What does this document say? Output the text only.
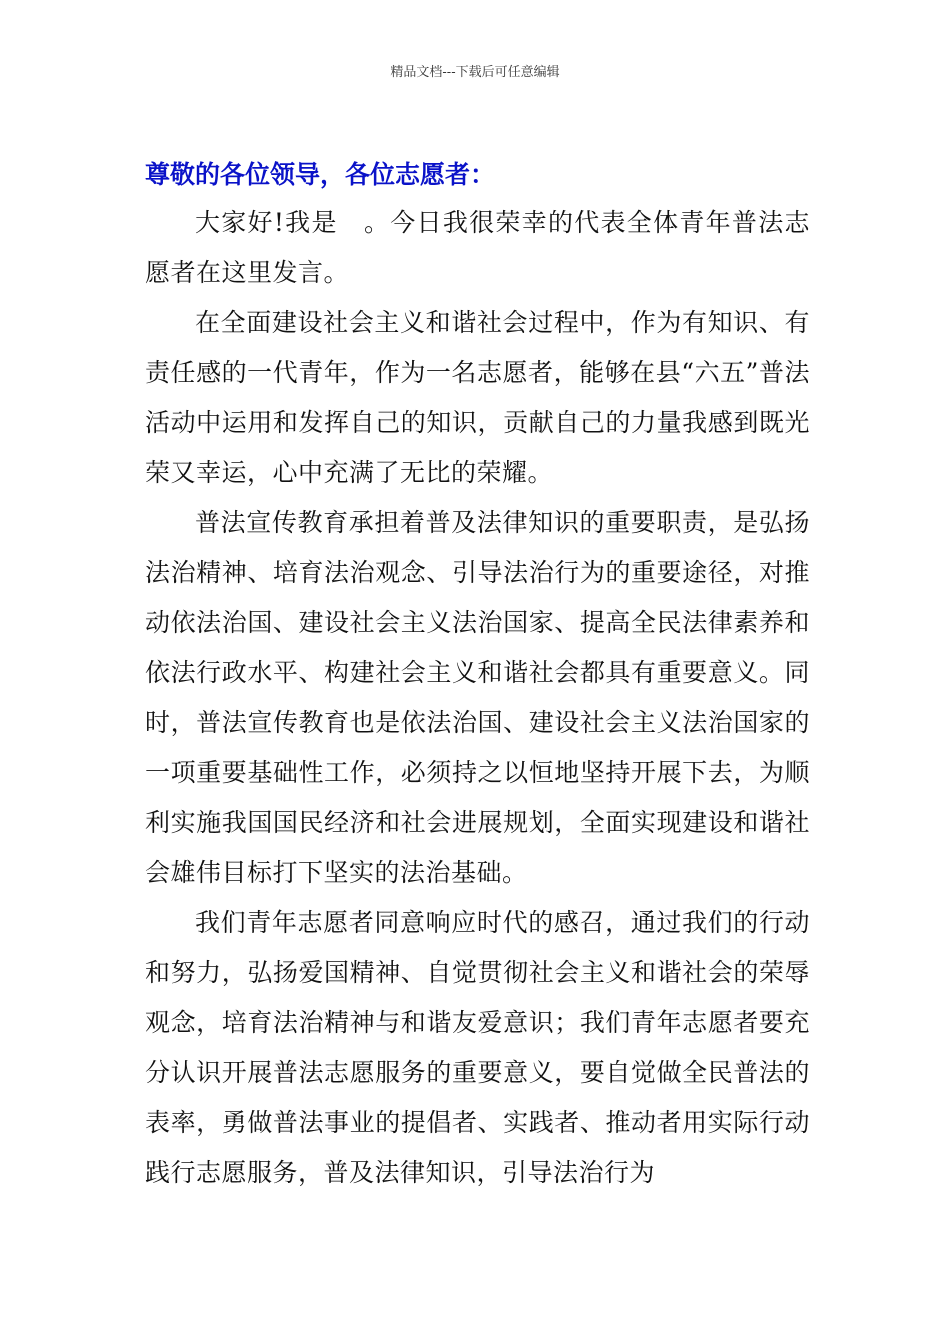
精品文档---下载后可任意编辑

尊敬的各位领导，各位志愿者：

大家好!我是　。今日我很荣幸的代表全体青年普法志愿者在这里发言。

在全面建设社会主义和谐社会过程中，作为有知识、有责任感的一代青年，作为一名志愿者，能够在县“六五”普法活动中运用和发挥自己的知识，贡献自己的力量我感到既光荣又幸运，心中充满了无比的荣耀。

普法宣传教育承担着普及法律知识的重要职责，是弘扬法治精神、培育法治观念、引导法治行为的重要途径，对推动依法治国、建设社会主义法治国家、提高全民法律素养和依法行政水平、构建社会主义和谐社会都具有重要意义。同时，普法宣传教育也是依法治国、建设社会主义法治国家的一项重要基础性工作，必须持之以恒地坚持开展下去，为顺利实施我国国民经济和社会进展规划，全面实现建设和谐社会雄伟目标打下坚实的法治基础。

我们青年志愿者同意响应时代的感召，通过我们的行动和努力，弘扬爱国精神、自觉贯彻社会主义和谐社会的荣辱观念，培育法治精神与和谐友爱意识；我们青年志愿者要充分认识开展普法志愿服务的重要意义，要自觉做全民普法的表率，勇做普法事业的提倡者、实践者、推动者用实际行动践行志愿服务，普及法律知识，引导法治行为
